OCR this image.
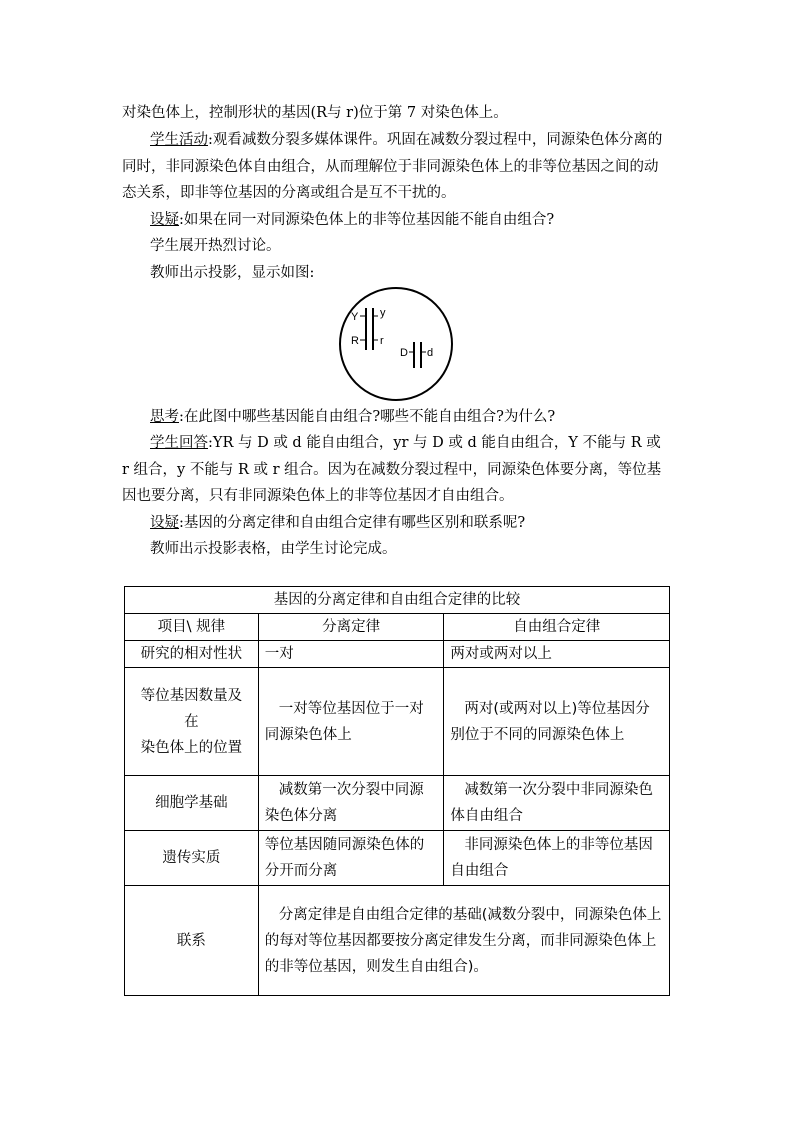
对染色体上，控制形状的基因(R与 r)位于第 7 对染色体上。

学生活动:观看减数分裂多媒体课件。巩固在减数分裂过程中，同源染色体分离的同时，非同源染色体自由组合，从而理解位于非同源染色体上的非等位基因之间的动态关系，即非等位基因的分离或组合是互不干扰的。

设疑:如果在同一对同源染色体上的非等位基因能不能自由组合?

学生展开热烈讨论。

教师出示投影，显示如图:

Y y
R r
D d

思考:在此图中哪些基因能自由组合?哪些不能自由组合?为什么?

学生回答:YR 与 D 或 d 能自由组合，yr 与 D 或 d 能自由组合，Y 不能与 R 或 r 组合，y 不能与 R 或 r 组合。因为在减数分裂过程中，同源染色体要分离，等位基因也要分离，只有非同源染色体上的非等位基因才自由组合。

设疑:基因的分离定律和自由组合定律有哪些区别和联系呢?

教师出示投影表格，由学生讨论完成。

基因的分离定律和自由组合定律的比较		
项目\ 规律	分离定律	自由组合定律
研究的相对性状	一对	两对或两对以上

等位基因数量及
在
染色体上的位置	一对等位基因位于一对同源染色体上	两对(或两对以上)等位基因分别位于不同的同源染色体上
细胞学基础	减数第一次分裂中同源染色体分离	减数第一次分裂中非同源染色体自由组合
遗传实质	等位基因随同源染色体的分开而分离	非同源染色体上的非等位基因自由组合
联系	分离定律是自由组合定律的基础(减数分裂中，同源染色体上的每对等位基因都要按分离定律发生分离，而非同源染色体上的非等位基因，则发生自由组合)。	
